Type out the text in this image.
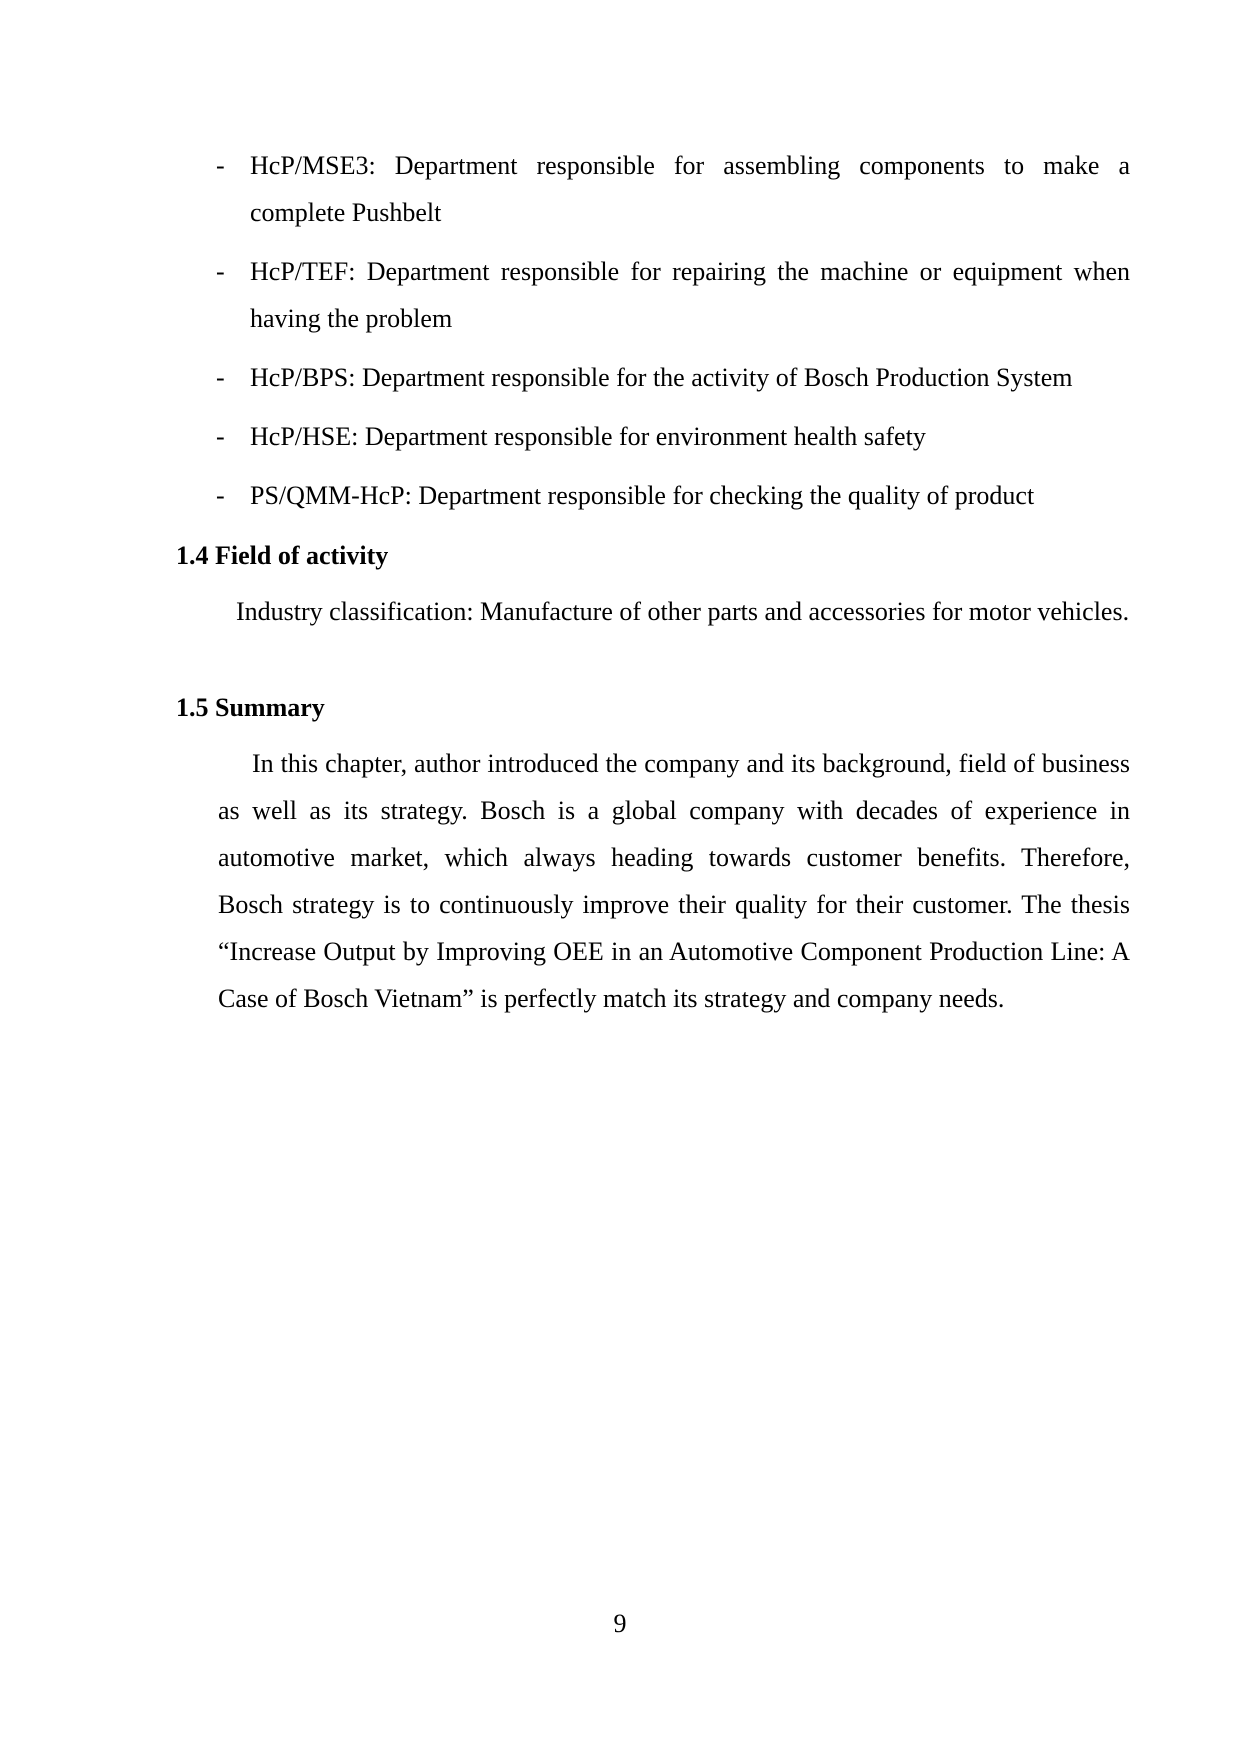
- HcP/MSE3: Department responsible for assembling components to make a complete Pushbelt
- HcP/TEF: Department responsible for repairing the machine or equipment when having the problem
- HcP/BPS: Department responsible for the activity of Bosch Production System
- HcP/HSE: Department responsible for environment health safety
- PS/QMM-HcP: Department responsible for checking the quality of product
1.4 Field of activity

Industry classification: Manufacture of other parts and accessories for motor vehicles.

1.5 Summary

In this chapter, author introduced the company and its background, field of business as well as its strategy. Bosch is a global company with decades of experience in automotive market, which always heading towards customer benefits. Therefore, Bosch strategy is to continuously improve their quality for their customer. The thesis “Increase Output by Improving OEE in an Automotive Component Production Line: A Case of Bosch Vietnam” is perfectly match its strategy and company needs.

9
